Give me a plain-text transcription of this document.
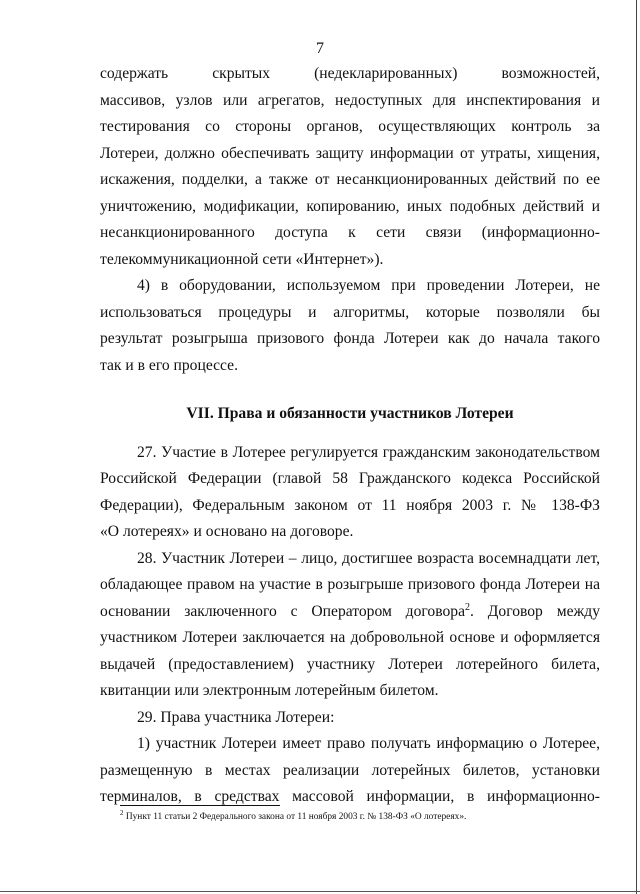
7
содержать скрытых (недекларированных) возможностей,
массивов, узлов или агрегатов, недоступных для инспектирования и
тестирования со стороны органов, осуществляющих контроль за
Лотереи, должно обеспечивать защиту информации от утраты, хищения,
искажения, подделки, а также от несанкционированных действий по ее
уничтожению, модификации, копированию, иных подобных действий и
несанкционированного доступа к сети связи (информационно-
телекоммуникационной сети «Интернет»).
4) в оборудовании, используемом при проведении Лотереи, не
использоваться процедуры и алгоритмы, которые позволяли бы
результат розыгрыша призового фонда Лотереи как до начала такого
так и в его процессе.
VII. Права и обязанности участников Лотереи
27. Участие в Лотерее регулируется гражданским законодательством
Российской Федерации (главой 58 Гражданского кодекса Российской
Федерации), Федеральным законом от 11 ноября 2003 г. № 138-ФЗ
«О лотереях» и основано на договоре.
28. Участник Лотереи – лицо, достигшее возраста восемнадцати лет,
обладающее правом на участие в розыгрыше призового фонда Лотереи на
основании заключенного с Оператором договора$^2$. Договор между
участником Лотереи заключается на добровольной основе и оформляется
выдачей (предоставлением) участнику Лотереи лотерейного билета,
квитанции или электронным лотерейным билетом.
29. Права участника Лотереи:
1) участник Лотереи имеет право получать информацию о Лотерее,
размещенную в местах реализации лотерейных билетов, установки
терминалов, в средствах массовой информации, в информационно-
$^2$ Пункт 11 статьи 2 Федерального закона от 11 ноября 2003 г. № 138-ФЗ «О лотереях».
